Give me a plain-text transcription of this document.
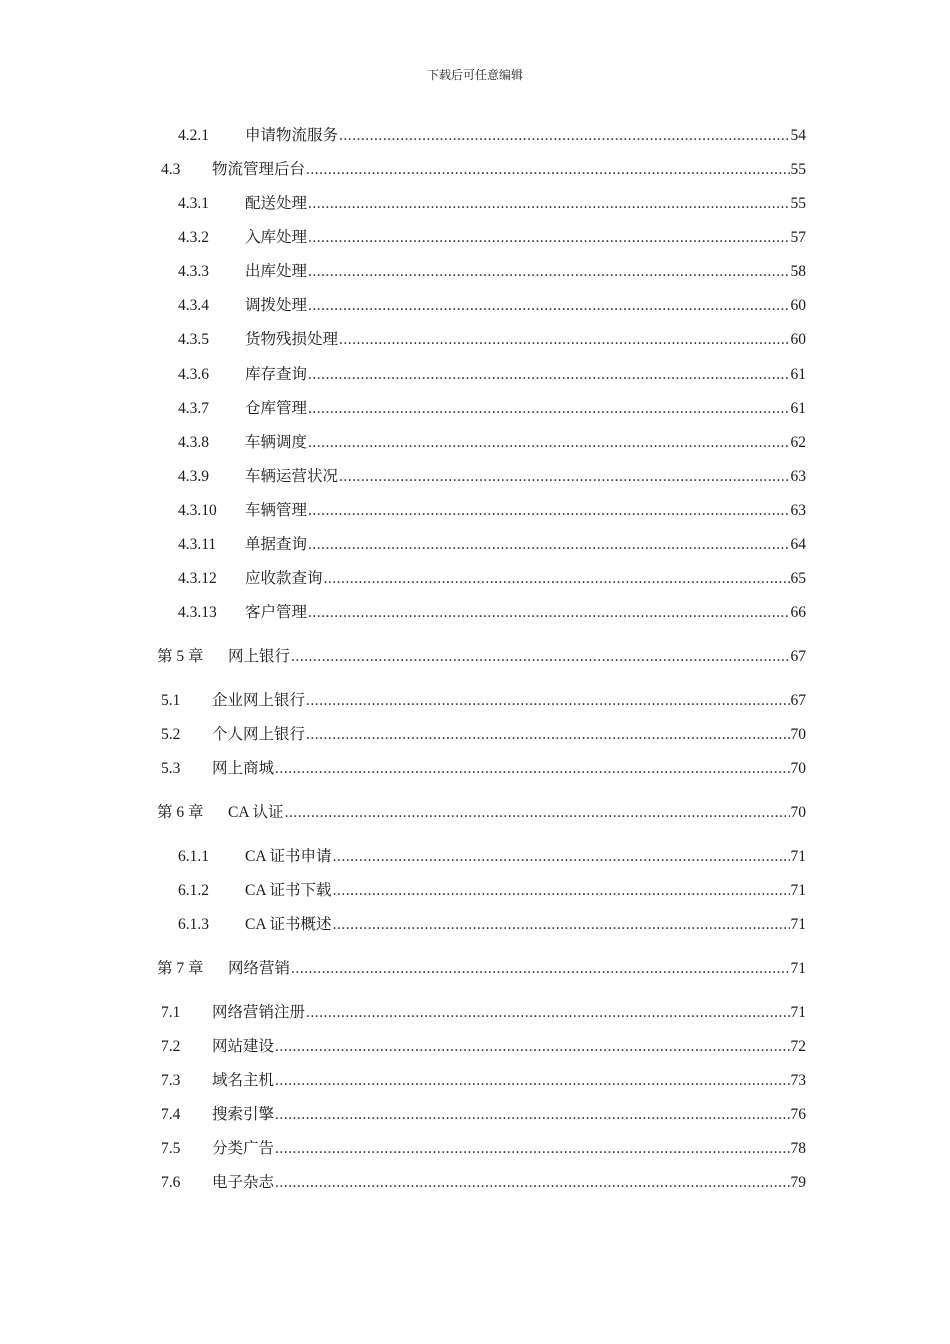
下载后可任意编辑
4.2.1	申请物流服务 .....	54
4.3	物流管理后台 .....	55
4.3.1	配送处理 .....	55
4.3.2	入库处理 .....	57
4.3.3	出库处理 .....	58
4.3.4	调拨处理 .....	60
4.3.5	货物残损处理 .....	60
4.3.6	库存查询 .....	61
4.3.7	仓库管理 .....	61
4.3.8	车辆调度 .....	62
4.3.9	车辆运营状况 .....	63
4.3.10	车辆管理 .....	63
4.3.11	单据查询 .....	64
4.3.12	应收款查询 .....	65
4.3.13	客户管理 .....	66
第 5 章	网上银行 .....	67
5.1	企业网上银行 .....	67
5.2	个人网上银行 .....	70
5.3	网上商城 .....	70
第 6 章	CA 认证 .....	70
6.1.1	CA 证书申请 .....	71
6.1.2	CA 证书下载 .....	71
6.1.3	CA 证书概述 .....	71
第 7 章	网络营销 .....	71
7.1	网络营销注册 .....	71
7.2	网站建设 .....	72
7.3	域名主机 .....	73
7.4	搜索引擎 .....	76
7.5	分类广告 .....	78
7.6	电子杂志 .....	79
